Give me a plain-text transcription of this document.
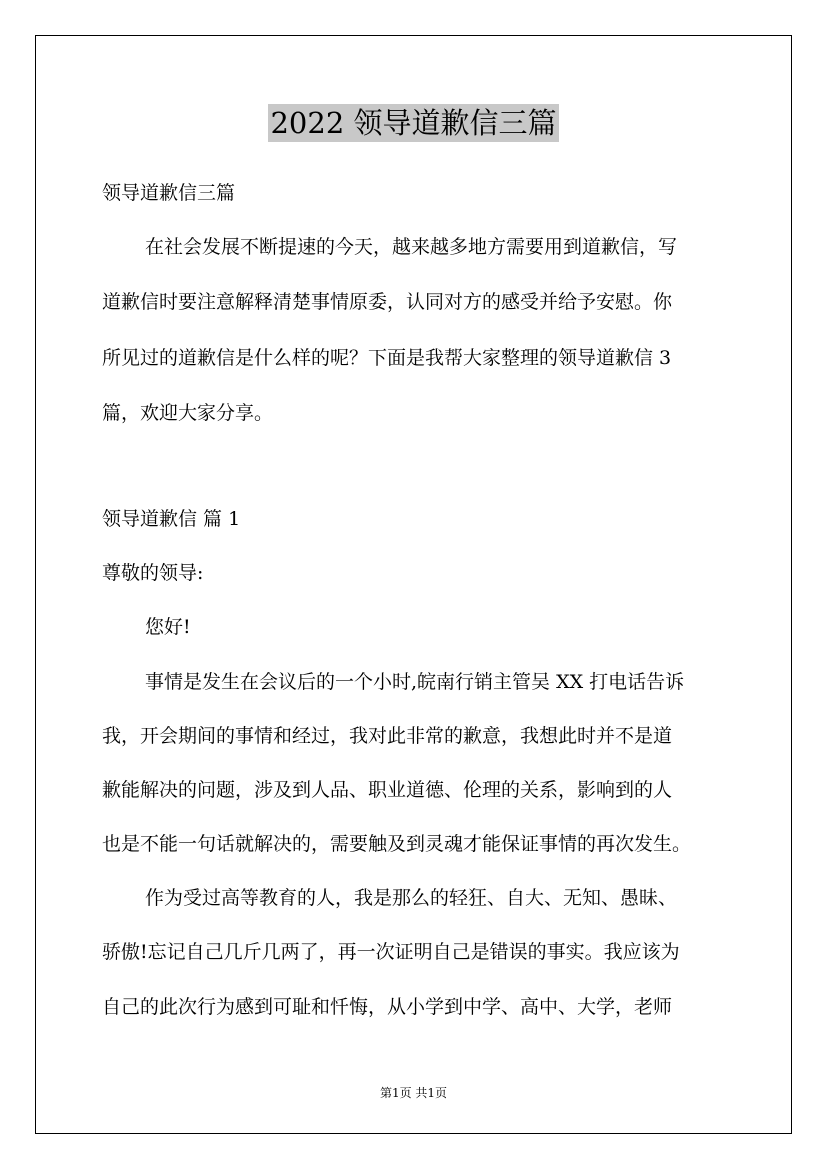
2022 领导道歉信三篇
领导道歉信三篇
在社会发展不断提速的今天，越来越多地方需要用到道歉信，写
道歉信时要注意解释清楚事情原委，认同对方的感受并给予安慰。你
所见过的道歉信是什么样的呢？下面是我帮大家整理的领导道歉信 3
篇，欢迎大家分享。
领导道歉信 篇 1
尊敬的领导:
您好!
事情是发生在会议后的一个小时,皖南行销主管吴 XX 打电话告诉
我，开会期间的事情和经过，我对此非常的歉意，我想此时并不是道
歉能解决的问题，涉及到人品、职业道德、伦理的关系，影响到的人
也是不能一句话就解决的，需要触及到灵魂才能保证事情的再次发生。
作为受过高等教育的人，我是那么的轻狂、自大、无知、愚昧、
骄傲!忘记自己几斤几两了，再一次证明自己是错误的事实。我应该为
自己的此次行为感到可耻和忏悔，从小学到中学、高中、大学，老师
第1页 共1页
